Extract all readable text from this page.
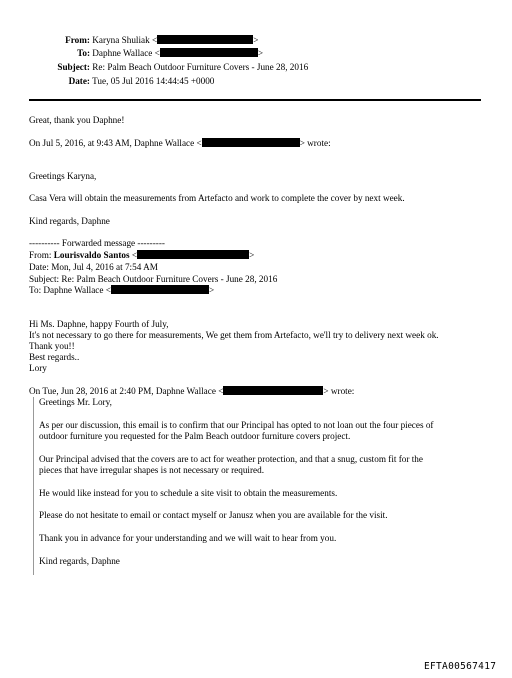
From: Karyna Shuliak <	>
To: Daphne Wallace <	>
Subject: Re: Palm Beach Outdoor Furniture Covers - June 28, 2016
Date: Tue, 05 Jul 2016 14:44:45 +0000
Great, thank you Daphne!
On Jul 5, 2016, at 9:43 AM, Daphne Wallace <	> wrote:
Greetings Karyna,
Casa Vera will obtain the measurements from Artefacto and work to complete the cover by next week.
Kind regards, Daphne
---------- Forwarded message ---------
From: Lourisvaldo Santos <	>
Date: Mon, Jul 4, 2016 at 7:54 AM
Subject: Re: Palm Beach Outdoor Furniture Covers - June 28, 2016
To: Daphne Wallace <	>
Hi Ms. Daphne, happy Fourth of July,
It's not necessary to go there for measurements, We get them from Artefacto, we'll try to delivery next week ok.
Thank you!!
Best regards..
Lory
On Tue, Jun 28, 2016 at 2:40 PM, Daphne Wallace <	> wrote:
Greetings Mr. Lory,
As per our discussion, this email is to confirm that our Principal has opted to not loan out the four pieces of
outdoor furniture you requested for the Palm Beach outdoor furniture covers project.
Our Principal advised that the covers are to act for weather protection, and that a snug, custom fit for the
pieces that have irregular shapes is not necessary or required.
He would like instead for you to schedule a site visit to obtain the measurements.
Please do not hesitate to email or contact myself or Janusz when you are available for the visit.
Thank you in advance for your understanding and we will wait to hear from you.
Kind regards, Daphne
EFTA00567417
